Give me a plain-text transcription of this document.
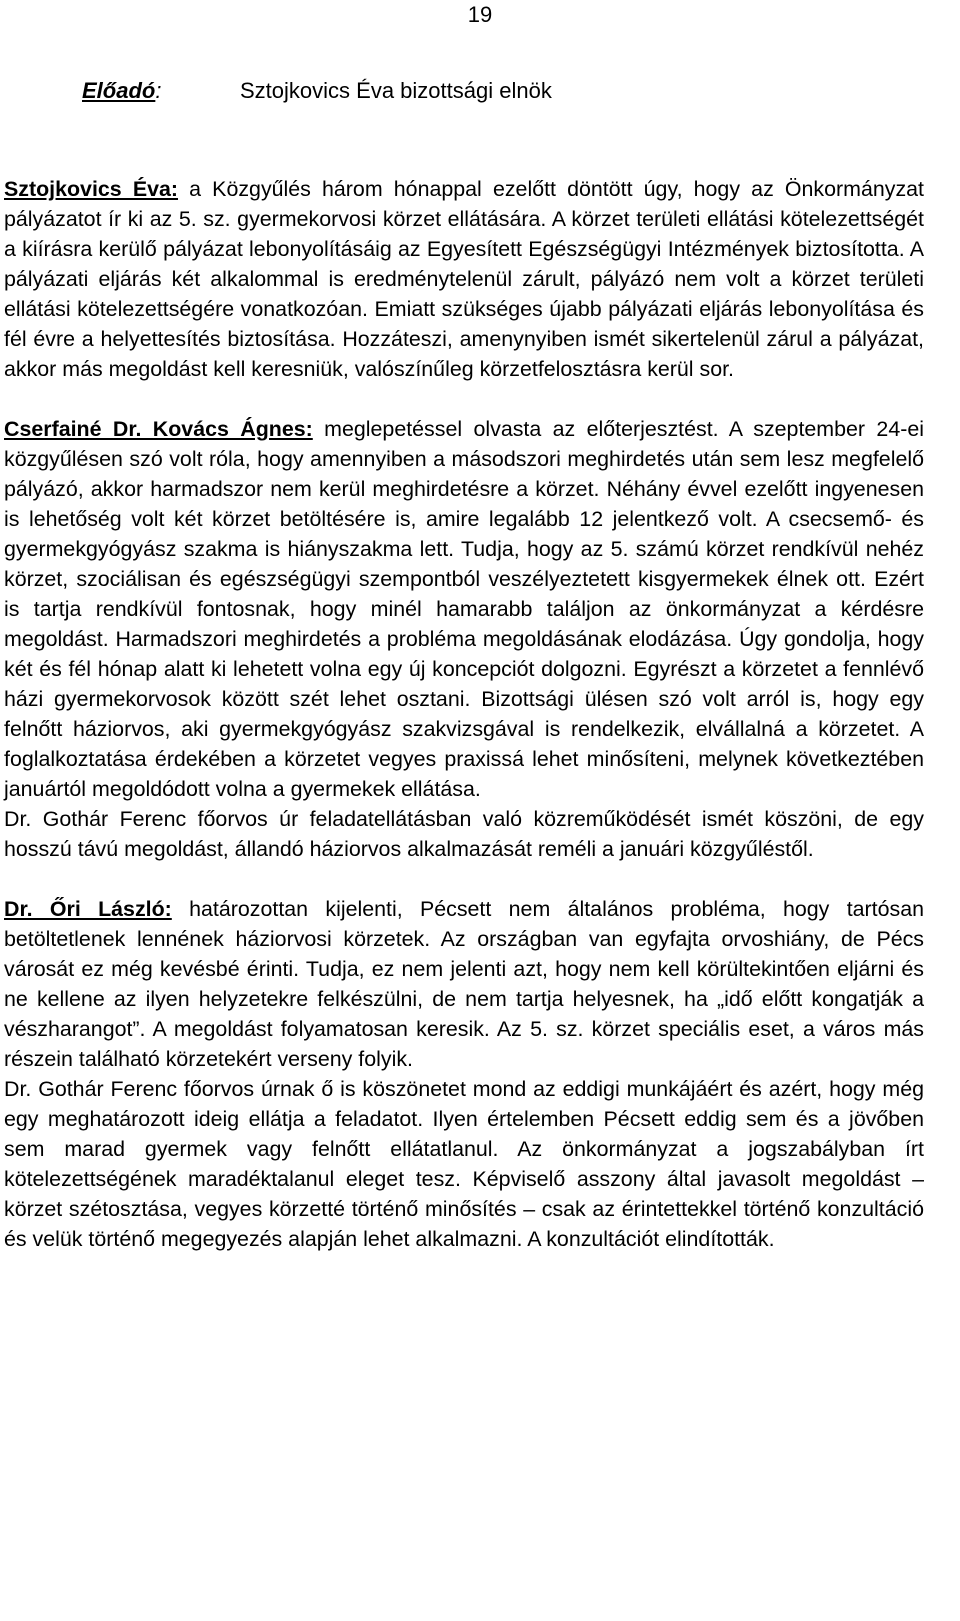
19
Előadó:	Sztojkovics Éva bizottsági elnök

Sztojkovics Éva: a Közgyűlés három hónappal ezelőtt döntött úgy, hogy az Önkormányzat pályázatot ír ki az 5. sz. gyermekorvosi körzet ellátására. A körzet területi ellátási kötelezettségét a kiírásra kerülő pályázat lebonyolításáig az Egyesített Egészségügyi Intézmények biztosította. A pályázati eljárás két alkalommal is eredménytelenül zárult, pályázó nem volt a körzet területi ellátási kötelezettségére vonatkozóan. Emiatt szükséges újabb pályázati eljárás lebonyolítása és fél évre a helyettesítés biztosítása. Hozzáteszi, amenynyiben ismét sikertelenül zárul a pályázat, akkor más megoldást kell keresniük, valószínűleg körzetfelosztásra kerül sor.

Cserfainé Dr. Kovács Ágnes: meglepetéssel olvasta az előterjesztést. A szeptember 24-ei közgyűlésen szó volt róla, hogy amennyiben a másodszori meghirdetés után sem lesz megfelelő pályázó, akkor harmadszor nem kerül meghirdetésre a körzet. Néhány évvel ezelőtt ingyenesen is lehetőség volt két körzet betöltésére is, amire legalább 12 jelentkező volt. A csecsemő- és gyermekgyógyász szakma is hiányszakma lett. Tudja, hogy az 5. számú körzet rendkívül nehéz körzet, szociálisan és egészségügyi szempontból veszélyeztetett kisgyermekek élnek ott. Ezért is tartja rendkívül fontosnak, hogy minél hamarabb találjon az önkormányzat a kérdésre megoldást. Harmadszori meghirdetés a probléma megoldásának elodázása. Úgy gondolja, hogy két és fél hónap alatt ki lehetett volna egy új koncepciót dolgozni. Egyrészt a körzetet a fennlévő házi gyermekorvosok között szét lehet osztani. Bizottsági ülésen szó volt arról is, hogy egy felnőtt háziorvos, aki gyermekgyógyász szakvizsgával is rendelkezik, elvállalná a körzetet. A foglalkoztatása érdekében a körzetet vegyes praxissá lehet minősíteni, melynek következtében januártól megoldódott volna a gyermekek ellátása.

Dr. Gothár Ferenc főorvos úr feladatellátásban való közreműködését ismét köszöni, de egy hosszú távú megoldást, állandó háziorvos alkalmazását reméli a januári közgyűléstől.

Dr. Őri László: határozottan kijelenti, Pécsett nem általános probléma, hogy tartósan betöltetlenek lennének háziorvosi körzetek. Az országban van egyfajta orvoshiány, de Pécs városát ez még kevésbé érinti. Tudja, ez nem jelenti azt, hogy nem kell körültekintően eljárni és ne kellene az ilyen helyzetekre felkészülni, de nem tartja helyesnek, ha „idő előtt kongatják a vészharangot”. A megoldást folyamatosan keresik. Az 5. sz. körzet speciális eset, a város más részein található körzetekért verseny folyik.

Dr. Gothár Ferenc főorvos úrnak ő is köszönetet mond az eddigi munkájáért és azért, hogy még egy meghatározott ideig ellátja a feladatot. Ilyen értelemben Pécsett eddig sem és a jövőben sem marad gyermek vagy felnőtt ellátatlanul. Az önkormányzat a jogszabályban írt kötelezettségének maradéktalanul eleget tesz. Képviselő asszony által javasolt megoldást – körzet szétosztása, vegyes körzetté történő minősítés – csak az érintettekkel történő konzultáció és velük történő megegyezés alapján lehet alkalmazni. A konzultációt elindították.
